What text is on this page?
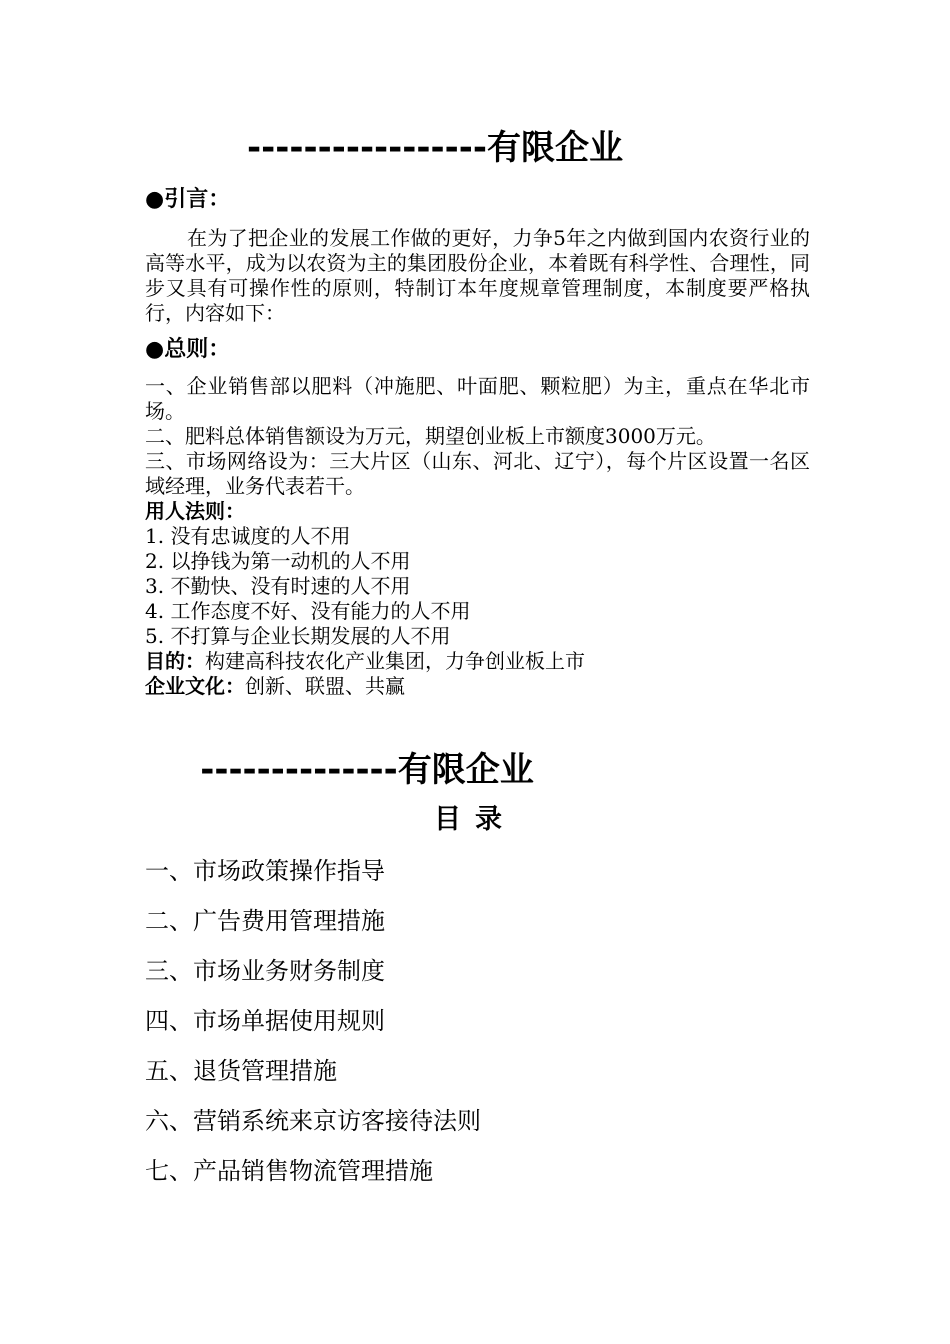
-----------------有限企业
●引言：
在为了把企业的发展工作做的更好，力争5年之内做到国内农资行业的高等水平，成为以农资为主的集团股份企业，本着既有科学性、合理性，同步又具有可操作性的原则，特制订本年度规章管理制度，本制度要严格执行，内容如下：
●总则：
一、企业销售部以肥料（冲施肥、叶面肥、颗粒肥）为主，重点在华北市场。
二、肥料总体销售额设为万元，期望创业板上市额度3000万元。
三、市场网络设为：三大片区（山东、河北、辽宁），每个片区设置一名区域经理，业务代表若干。
用人法则：
1. 没有忠诚度的人不用
2. 以挣钱为第一动机的人不用
3. 不勤快、没有时速的人不用
4. 工作态度不好、没有能力的人不用
5. 不打算与企业长期发展的人不用
目的：构建高科技农化产业集团，力争创业板上市
企业文化：创新、联盟、共赢
--------------有限企业
目录
一、市场政策操作指导
二、广告费用管理措施
三、市场业务财务制度
四、市场单据使用规则
五、退货管理措施
六、营销系统来京访客接待法则
七、产品销售物流管理措施
